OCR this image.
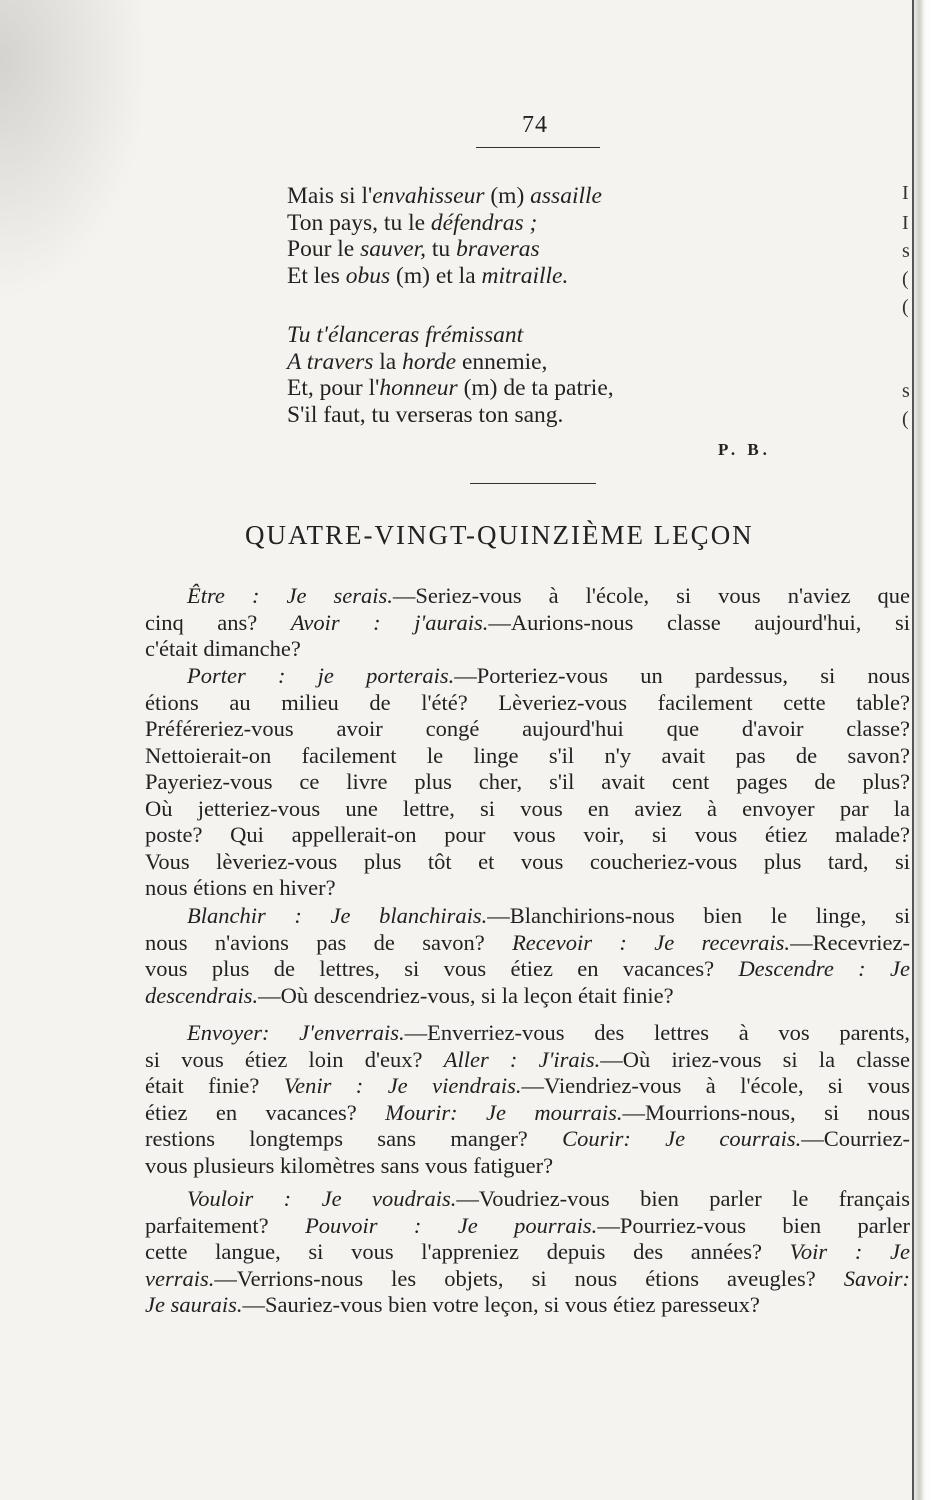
I
I
s
(
(
s
(
74
Mais si l'envahisseur (m) assaille
Ton pays, tu le défendras ;
Pour le sauver, tu braveras
Et les obus (m) et la mitraille.
Tu t'élanceras frémissant
A travers la horde ennemie,
Et, pour l'honneur (m) de ta patrie,
S'il faut, tu verseras ton sang.
P. B.
QUATRE-VINGT-QUINZIÈME LEÇON
Être : Je serais.—Seriez-vous à l'école, si vous n'aviez que
cinq ans? Avoir : j'aurais.—Aurions-nous classe aujourd'hui, si
c'était dimanche?
Porter : je porterais.—Porteriez-vous un pardessus, si nous
étions au milieu de l'été? Lèveriez-vous facilement cette table?
Préféreriez-vous avoir congé aujourd'hui que d'avoir classe?
Nettoierait-on facilement le linge s'il n'y avait pas de savon?
Payeriez-vous ce livre plus cher, s'il avait cent pages de plus?
Où jetteriez-vous une lettre, si vous en aviez à envoyer par la
poste? Qui appellerait-on pour vous voir, si vous étiez malade?
Vous lèveriez-vous plus tôt et vous coucheriez-vous plus tard, si
nous étions en hiver?
Blanchir : Je blanchirais.—Blanchirions-nous bien le linge, si
nous n'avions pas de savon? Recevoir : Je recevrais.—Recevriez-
vous plus de lettres, si vous étiez en vacances? Descendre : Je
descendrais.—Où descendriez-vous, si la leçon était finie?
Envoyer: J'enverrais.—Enverriez-vous des lettres à vos parents,
si vous étiez loin d'eux? Aller : J'irais.—Où iriez-vous si la classe
était finie? Venir : Je viendrais.—Viendriez-vous à l'école, si vous
étiez en vacances? Mourir: Je mourrais.—Mourrions-nous, si nous
restions longtemps sans manger? Courir: Je courrais.—Courriez-
vous plusieurs kilomètres sans vous fatiguer?
Vouloir : Je voudrais.—Voudriez-vous bien parler le français
parfaitement? Pouvoir : Je pourrais.—Pourriez-vous bien parler
cette langue, si vous l'appreniez depuis des années? Voir : Je
verrais.—Verrions-nous les objets, si nous étions aveugles? Savoir:
Je saurais.—Sauriez-vous bien votre leçon, si vous étiez paresseux?
